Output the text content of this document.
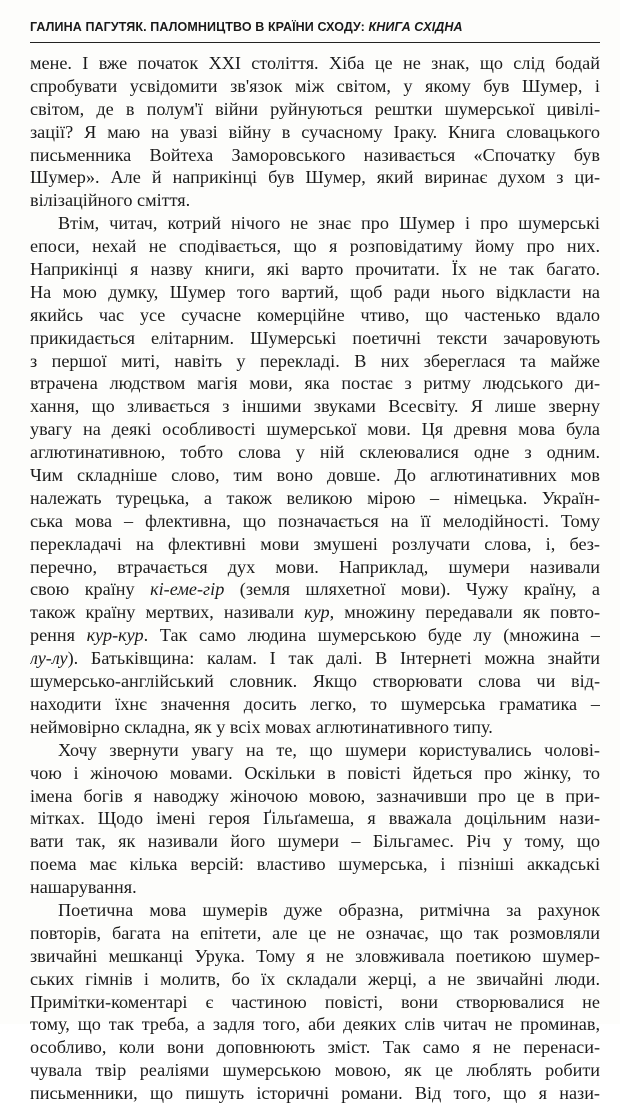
ГАЛИНА ПАГУТЯК. ПАЛОМНИЦТВО В КРАЇНИ СХОДУ: КНИГА СХІДНА
мене. І вже початок XXI століття. Хіба це не знак, що слід бодай
спробувати усвідомити зв'язок між світом, у якому був Шумер, і
світом, де в полум'ї війни руйнуються рештки шумерської цивілі-
зації? Я маю на увазі війну в сучасному Іраку. Книга словацького
письменника Войтеха Заморовського називається «Спочатку був
Шумер». Але й наприкінці був Шумер, який виринає духом з ци-
вілізаційного сміття.
Втім, читач, котрий нічого не знає про Шумер і про шумерські
епоси, нехай не сподівається, що я розповідатиму йому про них.
Наприкінці я назву книги, які варто прочитати. Їх не так багато.
На мою думку, Шумер того вартий, щоб ради нього відкласти на
якийсь час усе сучасне комерційне чтиво, що частенько вдало
прикидається елітарним. Шумерські поетичні тексти зачаровують
з першої миті, навіть у перекладі. В них збереглася та майже
втрачена людством магія мови, яка постає з ритму людського ди-
хання, що зливається з іншими звуками Всесвіту. Я лише зверну
увагу на деякі особливості шумерської мови. Ця древня мова була
аглютинативною, тобто слова у ній склеювалися одне з одним.
Чим складніше слово, тим воно довше. До аглютинативних мов
належать турецька, а також великою мірою – німецька. Україн-
ська мова – флективна, що позначається на її мелодійності. Тому
перекладачі на флективні мови змушені розлучати слова, і, без-
перечно, втрачається дух мови. Наприклад, шумери називали
свою країну кі-еме-гір (земля шляхетної мови). Чужу країну, а
також країну мертвих, називали кур, множину передавали як повто-
рення кур-кур. Так само людина шумерською буде лу (множина –
лу-лу). Батьківщина: калам. І так далі. В Інтернеті можна знайти
шумерсько-англійський словник. Якщо створювати слова чи від-
находити їхнє значення досить легко, то шумерська граматика –
неймовірно складна, як у всіх мовах аглютинативного типу.
Хочу звернути увагу на те, що шумери користувались чолові-
чою і жіночою мовами. Оскільки в повісті йдеться про жінку, то
імена богів я наводжу жіночою мовою, зазначивши про це в при-
мітках. Щодо імені героя Ґільґамеша, я вважала доцільним нази-
вати так, як називали його шумери – Більгамес. Річ у тому, що
поема має кілька версій: властиво шумерська, і пізніші аккадські
нашарування.
Поетична мова шумерів дуже образна, ритмічна за рахунок
повторів, багата на епітети, але це не означає, що так розмовляли
звичайні мешканці Урука. Тому я не зловживала поетикою шумер-
ських гімнів і молитв, бо їх складали жерці, а не звичайні люди.
Примітки-коментарі є частиною повісті, вони створювалися не
тому, що так треба, а задля того, аби деяких слів читач не проминав,
особливо, коли вони доповнюють зміст. Так само я не перенаси-
чувала твір реаліями шумерською мовою, як це люблять робити
письменники, що пишуть історичні романи. Від того, що я нази-
